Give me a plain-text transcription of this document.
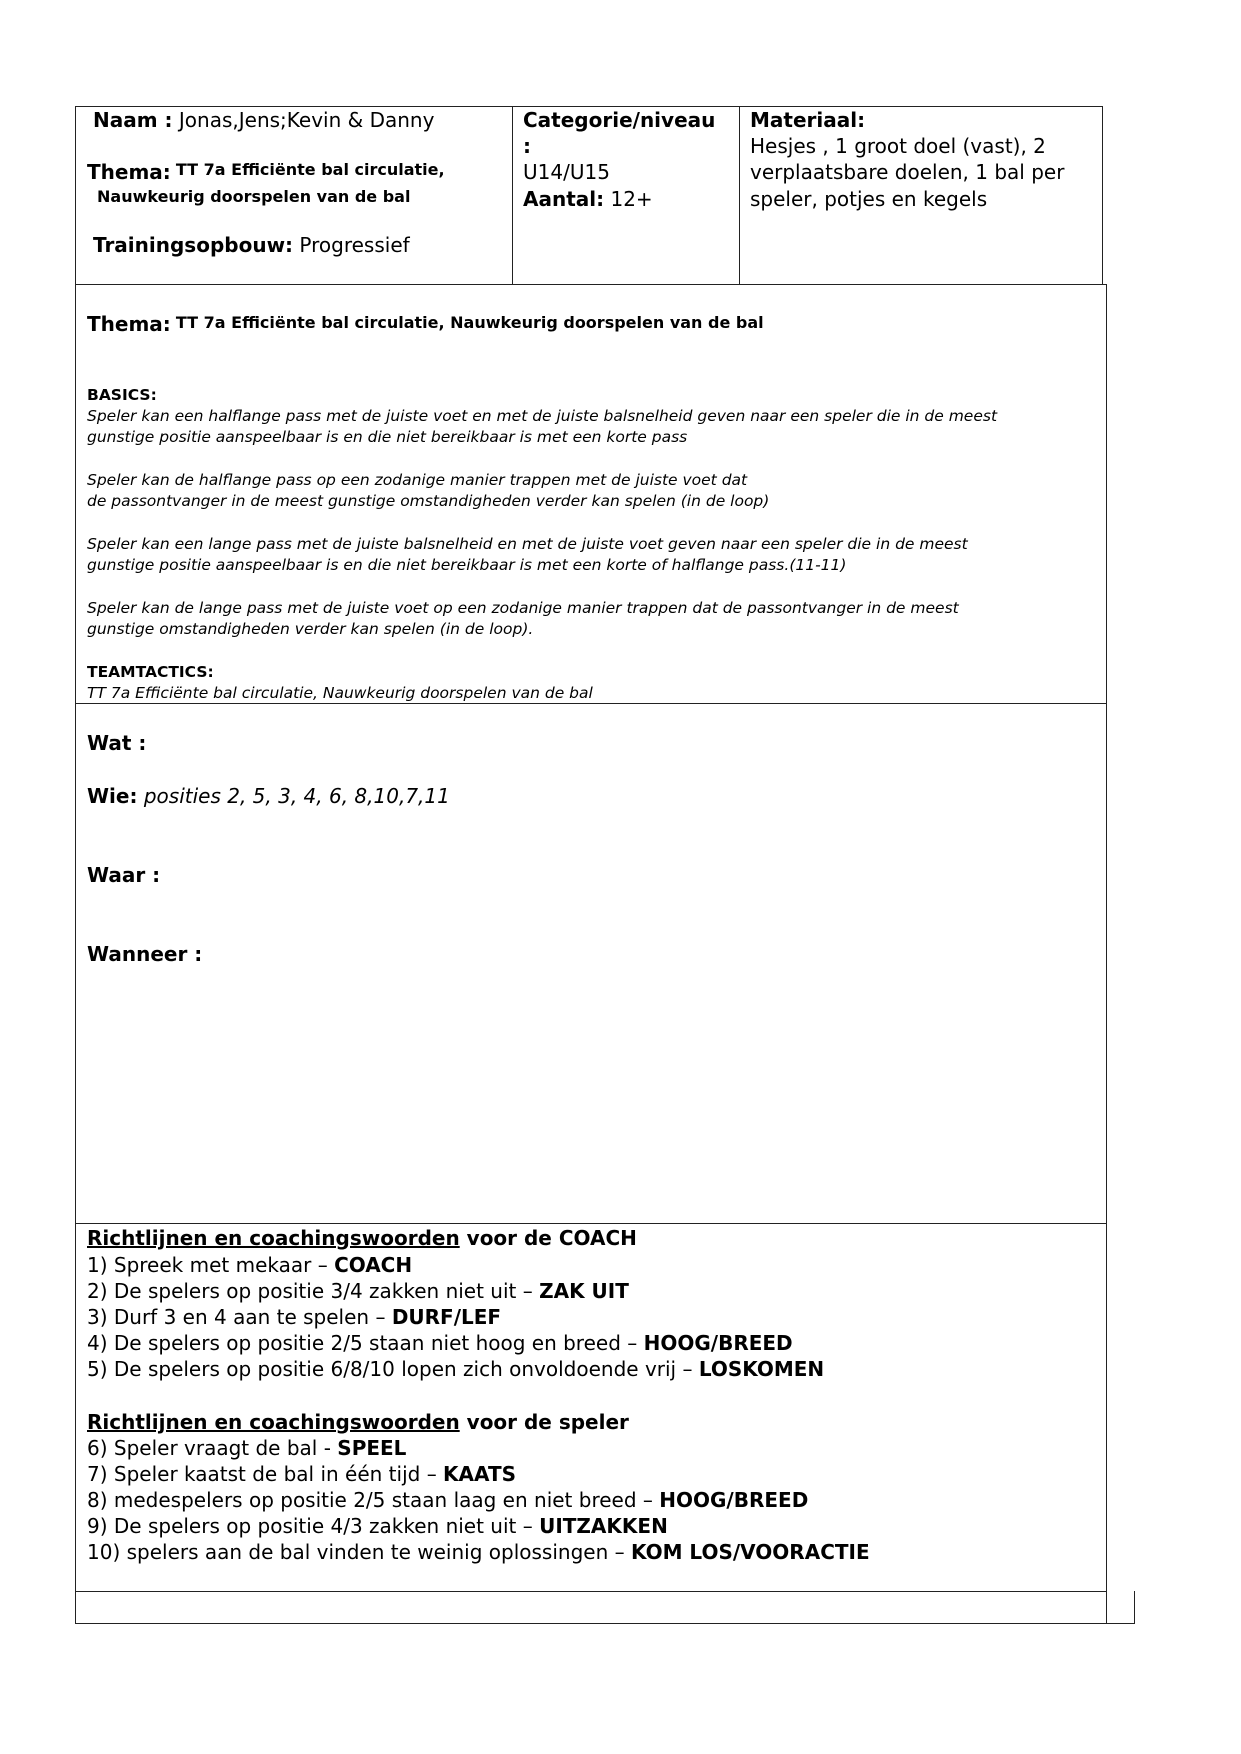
Naam : Jonas,Jens;Kevin & Danny
Thema: TT 7a Efficiënte bal circulatie,
Nauwkeurig doorspelen van de bal
Trainingsopbouw: Progressief
Categorie/niveau
:
U14/U15
Aantal: 12+
Materiaal:
Hesjes , 1 groot doel (vast), 2
verplaatsbare doelen, 1 bal per
speler, potjes en kegels
Thema: TT 7a Efficiënte bal circulatie, Nauwkeurig doorspelen van de bal
BASICS:
Speler kan een halflange pass met de juiste voet en met de juiste balsnelheid geven naar een speler die in de meest
gunstige positie aanspeelbaar is en die niet bereikbaar is met een korte pass
Speler kan de halflange pass op een zodanige manier trappen met de juiste voet dat
de passontvanger in de meest gunstige omstandigheden verder kan spelen (in de loop)
Speler kan een lange pass met de juiste balsnelheid en met de juiste voet geven naar een speler die in de meest
gunstige positie aanspeelbaar is en die niet bereikbaar is met een korte of halflange pass.(11-11)
Speler kan de lange pass met de juiste voet op een zodanige manier trappen dat de passontvanger in de meest
gunstige omstandigheden verder kan spelen (in de loop).
TEAMTACTICS:
TT 7a Efficiënte bal circulatie, Nauwkeurig doorspelen van de bal
Wat :
Wie: posities 2, 5, 3, 4, 6, 8,10,7,11
Waar :
Wanneer :
Richtlijnen en coachingswoorden voor de COACH
1) Spreek met mekaar – COACH
2) De spelers op positie 3/4 zakken niet uit – ZAK UIT
3) Durf 3 en 4 aan te spelen – DURF/LEF
4) De spelers op positie 2/5 staan niet hoog en breed – HOOG/BREED
5) De spelers op positie 6/8/10 lopen zich onvoldoende vrij – LOSKOMEN
Richtlijnen en coachingswoorden voor de speler
6) Speler vraagt de bal - SPEEL
7) Speler kaatst de bal in één tijd – KAATS
8) medespelers op positie 2/5 staan laag en niet breed – HOOG/BREED
9) De spelers op positie 4/3 zakken niet uit – UITZAKKEN
10) spelers aan de bal vinden te weinig oplossingen – KOM LOS/VOORACTIE
